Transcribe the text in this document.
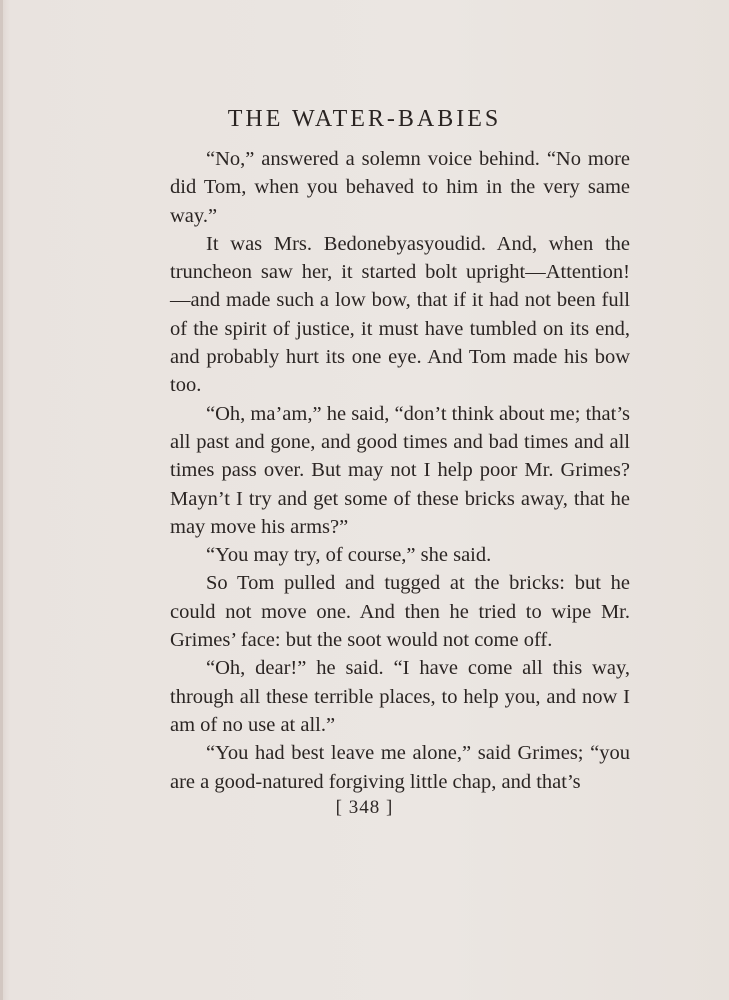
THE WATER-BABIES

“No,” answered a solemn voice behind. “No more did Tom, when you behaved to him in the very same way.”

It was Mrs. Bedonebyasyoudid. And, when the truncheon saw her, it started bolt upright—Attention! —and made such a low bow, that if it had not been full of the spirit of justice, it must have tumbled on its end, and probably hurt its one eye. And Tom made his bow too.

“Oh, ma’am,” he said, “don’t think about me; that’s all past and gone, and good times and bad times and all times pass over. But may not I help poor Mr. Grimes? Mayn’t I try and get some of these bricks away, that he may move his arms?”

“You may try, of course,” she said.

So Tom pulled and tugged at the bricks: but he could not move one. And then he tried to wipe Mr. Grimes’ face: but the soot would not come off.

“Oh, dear!” he said. “I have come all this way, through all these terrible places, to help you, and now I am of no use at all.”

“You had best leave me alone,” said Grimes; “you are a good-natured forgiving little chap, and that’s

[ 348 ]
